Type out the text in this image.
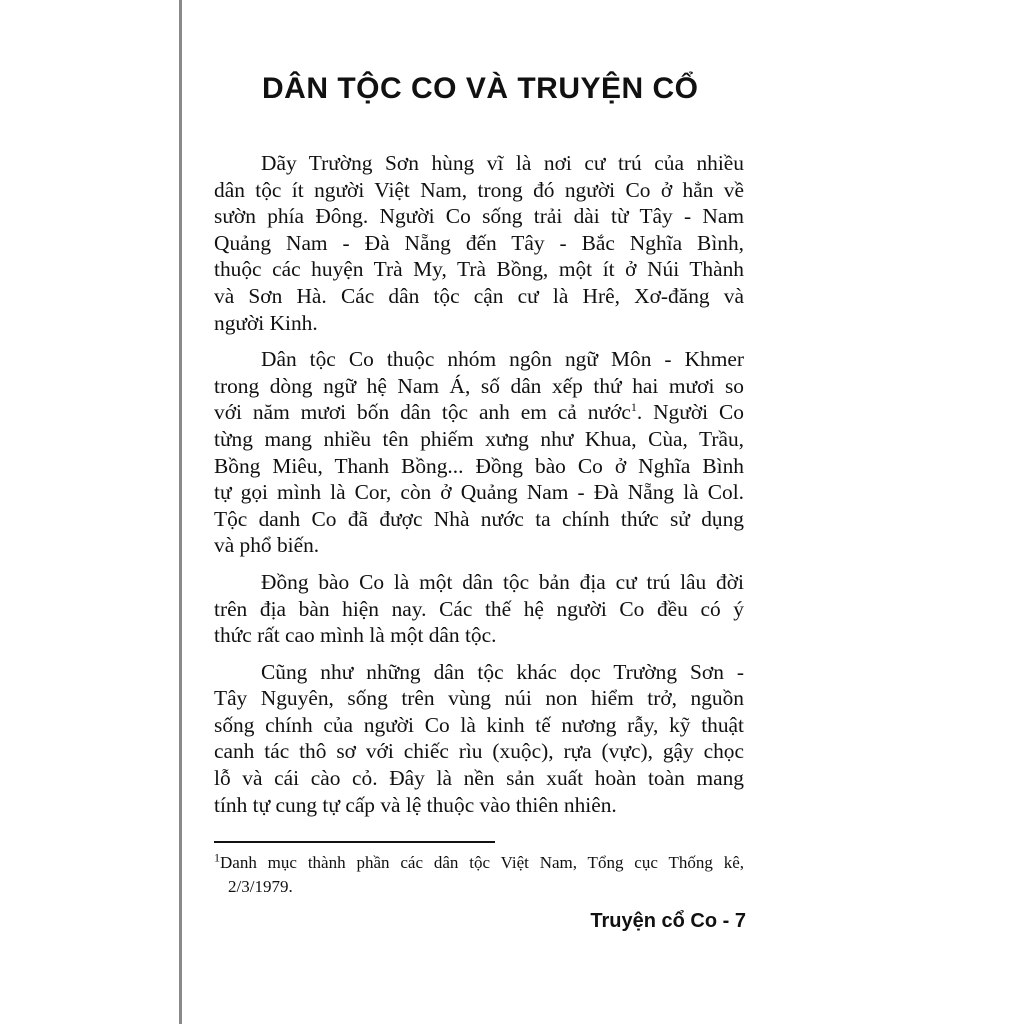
DÂN TỘC CO VÀ TRUYỆN CỔ

Dãy Trường Sơn hùng vĩ là nơi cư trú của nhiều
dân tộc ít người Việt Nam, trong đó người Co ở hẳn về
sườn phía Đông. Người Co sống trải dài từ Tây - Nam
Quảng Nam - Đà Nẵng đến Tây - Bắc Nghĩa Bình,
thuộc các huyện Trà My, Trà Bồng, một ít ở Núi Thành
và Sơn Hà. Các dân tộc cận cư là Hrê, Xơ-đăng và
người Kinh.

Dân tộc Co thuộc nhóm ngôn ngữ Môn - Khmer
trong dòng ngữ hệ Nam Á, số dân xếp thứ hai mươi so
với năm mươi bốn dân tộc anh em cả nước$^1$. Người Co
từng mang nhiều tên phiếm xưng như Khua, Cùa, Trầu,
Bồng Miêu, Thanh Bồng... Đồng bào Co ở Nghĩa Bình
tự gọi mình là Cor, còn ở Quảng Nam - Đà Nẵng là Col.
Tộc danh Co đã được Nhà nước ta chính thức sử dụng
và phổ biến.

Đồng bào Co là một dân tộc bản địa cư trú lâu đời
trên địa bàn hiện nay. Các thế hệ người Co đều có ý
thức rất cao mình là một dân tộc.

Cũng như những dân tộc khác dọc Trường Sơn -
Tây Nguyên, sống trên vùng núi non hiểm trở, nguồn
sống chính của người Co là kinh tế nương rẫy, kỹ thuật
canh tác thô sơ với chiếc rìu (xuộc), rựa (vực), gậy chọc
lỗ và cái cào cỏ. Đây là nền sản xuất hoàn toàn mang
tính tự cung tự cấp và lệ thuộc vào thiên nhiên.

$^1$Danh mục thành phần các dân tộc Việt Nam, Tổng cục Thống kê,
2/3/1979.
Truyện cổ Co - 7
